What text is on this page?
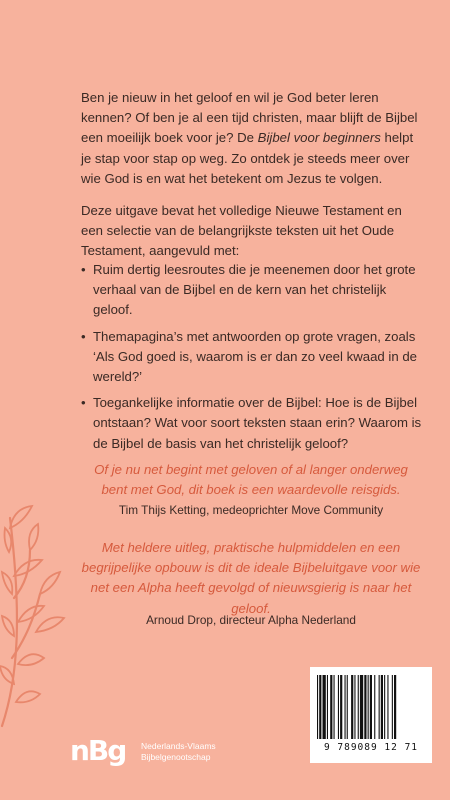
Ben je nieuw in het geloof en wil je God beter leren kennen? Of ben je al een tijd christen, maar blijft de Bijbel een moeilijk boek voor je? De Bijbel voor beginners helpt je stap voor stap op weg. Zo ontdek je steeds meer over wie God is en wat het betekent om Jezus te volgen.

Deze uitgave bevat het volledige Nieuwe Testament en een selectie van de belangrijkste teksten uit het Oude Testament, aangevuld met:

• Ruim dertig leesroutes die je meenemen door het grote verhaal van de Bijbel en de kern van het christelijk geloof.
• Themapagina’s met antwoorden op grote vragen, zoals ‘Als God goed is, waarom is er dan zo veel kwaad in de wereld?’
• Toegankelijke informatie over de Bijbel: Hoe is de Bijbel ontstaan? Wat voor soort teksten staan erin? Waarom is de Bijbel de basis van het christelijk geloof?

Of je nu net begint met geloven of al langer onderweg bent met God, dit boek is een waardevolle reisgids.

Tim Thijs Ketting, medeoprichter Move Community

Met heldere uitleg, praktische hulpmiddelen en een begrijpelijke opbouw is dit de ideale Bijbeluitgave voor wie net een Alpha heeft gevolgd of nieuwsgierig is naar het geloof.

Arnoud Drop, directeur Alpha Nederland

nBg	Nederlands-Vlaams
Bijbelgenootschap
9 789089 12 71
